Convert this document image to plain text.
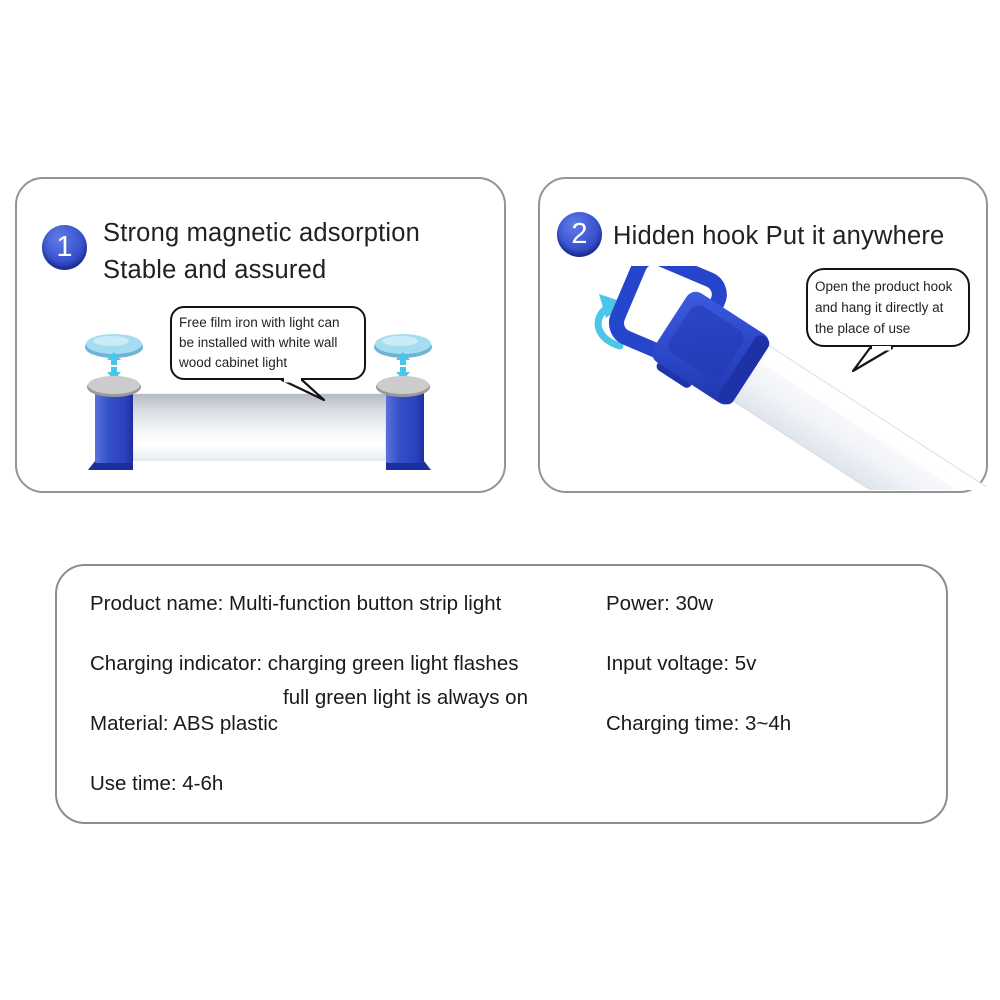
1 Strong magnetic adsorption
Stable and assured
Free film iron with light can
be installed with white wall
wood cabinet light
2 Hidden hook Put it anywhere
Open the product hook
and hang it directly at
the place of use
Product name: Multi-function button strip light	Power: 30w
Charging indicator: charging green light flashes
full green light is always on
Input voltage: 5v
Material: ABS plastic	Charging time: 3~4h
Use time: 4-6h
